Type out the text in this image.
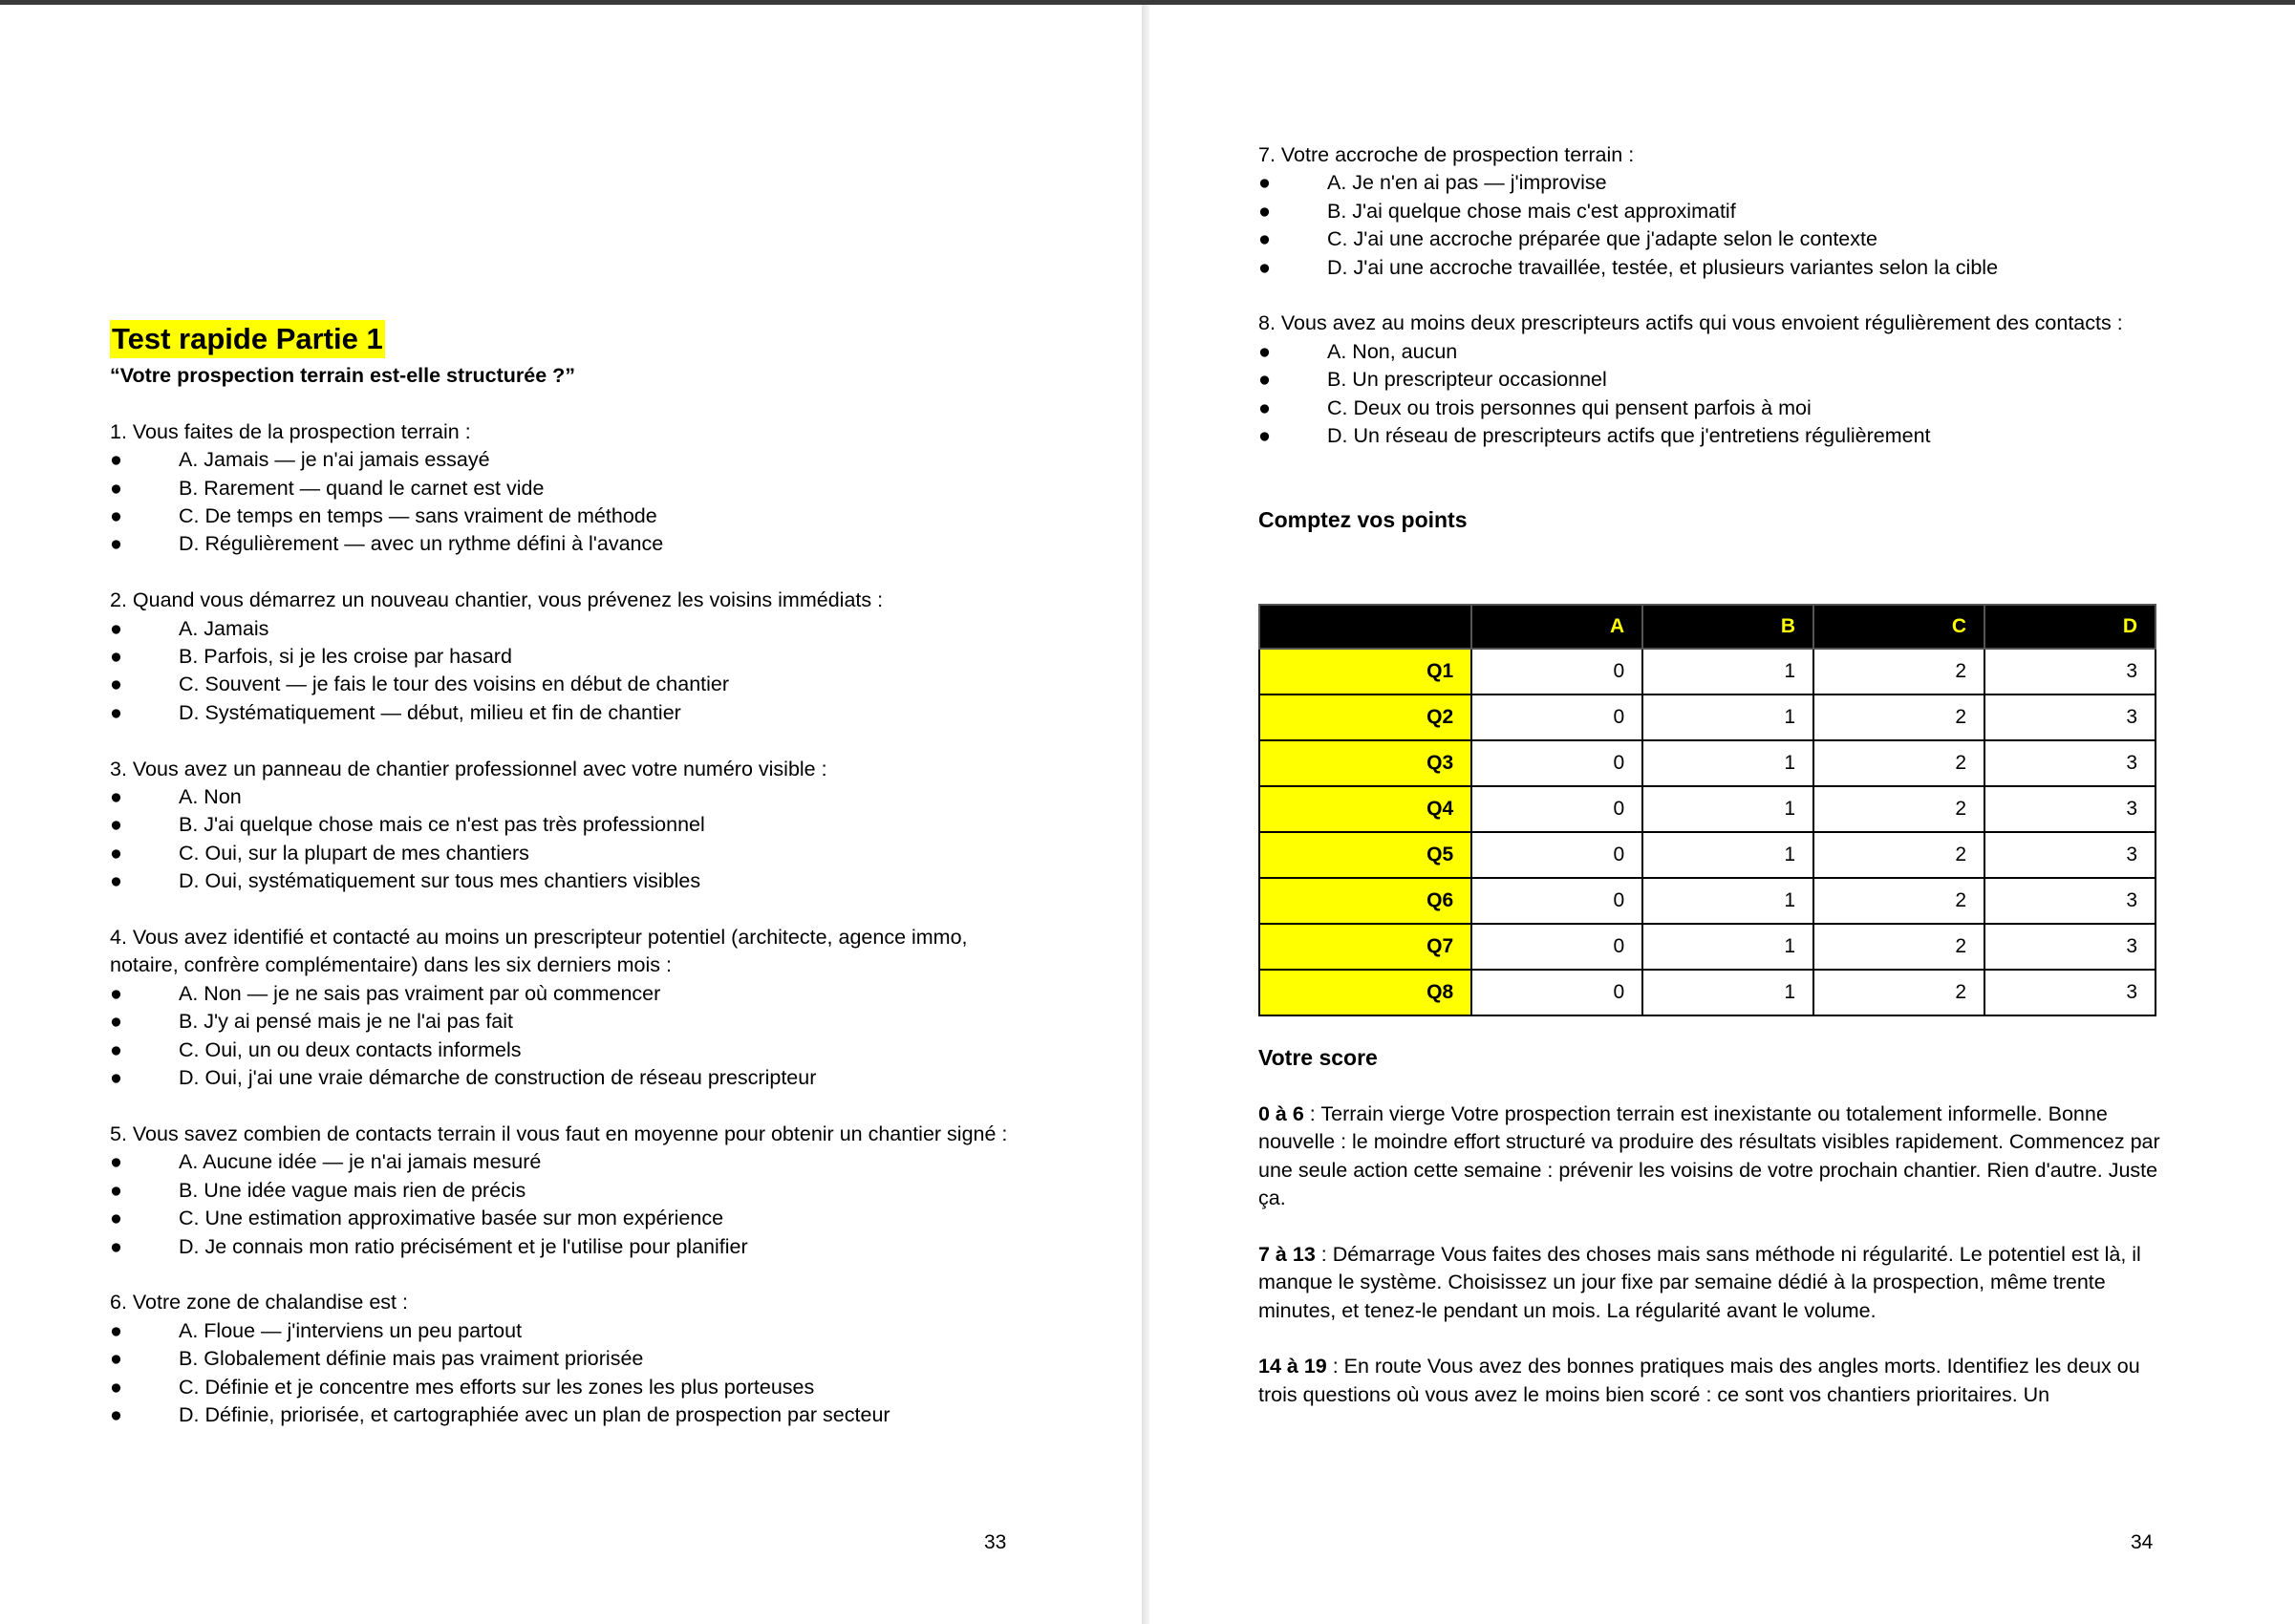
Test rapide Partie 1
“Votre prospection terrain est-elle structurée ?”
1. Vous faites de la prospection terrain :
●	A. Jamais — je n'ai jamais essayé
●	B. Rarement — quand le carnet est vide
●	C. De temps en temps — sans vraiment de méthode
●	D. Régulièrement — avec un rythme défini à l'avance
2. Quand vous démarrez un nouveau chantier, vous prévenez les voisins immédiats :
●	A. Jamais
●	B. Parfois, si je les croise par hasard
●	C. Souvent — je fais le tour des voisins en début de chantier
●	D. Systématiquement — début, milieu et fin de chantier
3. Vous avez un panneau de chantier professionnel avec votre numéro visible :
●	A. Non
●	B. J'ai quelque chose mais ce n'est pas très professionnel
●	C. Oui, sur la plupart de mes chantiers
●	D. Oui, systématiquement sur tous mes chantiers visibles
4. Vous avez identifié et contacté au moins un prescripteur potentiel (architecte, agence immo, notaire, confrère complémentaire) dans les six derniers mois :
●	A. Non — je ne sais pas vraiment par où commencer
●	B. J'y ai pensé mais je ne l'ai pas fait
●	C. Oui, un ou deux contacts informels
●	D. Oui, j'ai une vraie démarche de construction de réseau prescripteur
5. Vous savez combien de contacts terrain il vous faut en moyenne pour obtenir un chantier signé :
●	A. Aucune idée — je n'ai jamais mesuré
●	B. Une idée vague mais rien de précis
●	C. Une estimation approximative basée sur mon expérience
●	D. Je connais mon ratio précisément et je l'utilise pour planifier
6. Votre zone de chalandise est :
●	A. Floue — j'interviens un peu partout
●	B. Globalement définie mais pas vraiment priorisée
●	C. Définie et je concentre mes efforts sur les zones les plus porteuses
●	D. Définie, priorisée, et cartographiée avec un plan de prospection par secteur
33
7. Votre accroche de prospection terrain :
●	A. Je n'en ai pas — j'improvise
●	B. J'ai quelque chose mais c'est approximatif
●	C. J'ai une accroche préparée que j'adapte selon le contexte
●	D. J'ai une accroche travaillée, testée, et plusieurs variantes selon la cible
8. Vous avez au moins deux prescripteurs actifs qui vous envoient régulièrement des contacts :
●	A. Non, aucun
●	B. Un prescripteur occasionnel
●	C. Deux ou trois personnes qui pensent parfois à moi
●	D. Un réseau de prescripteurs actifs que j'entretiens régulièrement
Comptez vos points
	A	B	C	D
Q1	0	1	2	3
Q2	0	1	2	3
Q3	0	1	2	3
Q4	0	1	2	3
Q5	0	1	2	3
Q6	0	1	2	3
Q7	0	1	2	3
Q8	0	1	2	3
Votre score
0 à 6 : Terrain vierge Votre prospection terrain est inexistante ou totalement informelle. Bonne nouvelle : le moindre effort structuré va produire des résultats visibles rapidement. Commencez par une seule action cette semaine : prévenir les voisins de votre prochain chantier. Rien d'autre. Juste ça.
7 à 13 : Démarrage Vous faites des choses mais sans méthode ni régularité. Le potentiel est là, il manque le système. Choisissez un jour fixe par semaine dédié à la prospection, même trente minutes, et tenez-le pendant un mois. La régularité avant le volume.
14 à 19 : En route Vous avez des bonnes pratiques mais des angles morts. Identifiez les deux ou trois questions où vous avez le moins bien scoré : ce sont vos chantiers prioritaires. Un
34
